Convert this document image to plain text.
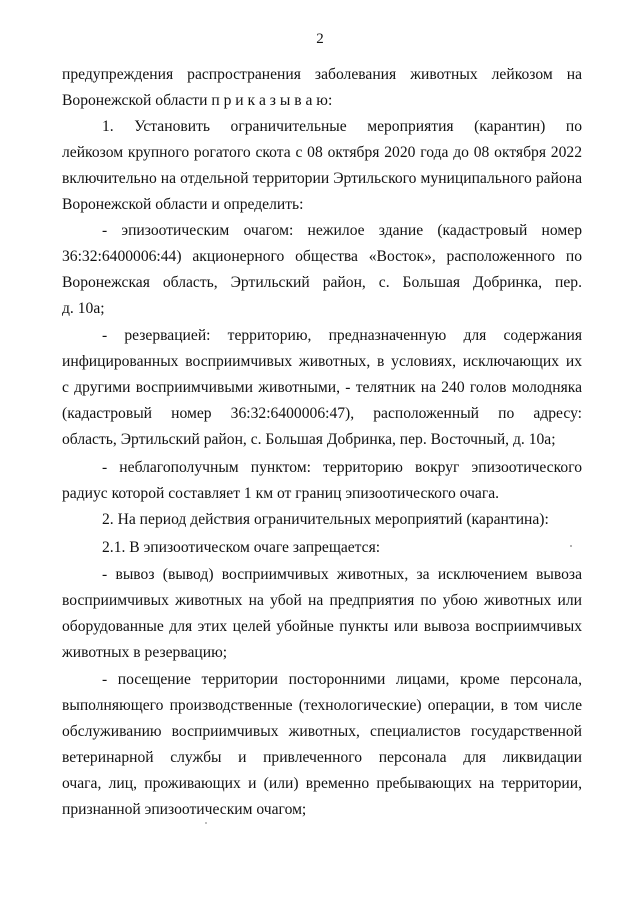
2
предупреждения распространения заболевания животных лейкозом на
Воронежской области п р и к а з ы в а ю:
1. Установить ограничительные мероприятия (карантин) по
лейкозом крупного рогатого скота с 08 октября 2020 года до 08 октября 2022
включительно на отдельной территории Эртильского муниципального района
Воронежской области и определить:
- эпизоотическим очагом: нежилое здание (кадастровый номер
36:32:6400006:44) акционерного общества «Восток», расположенного по
Воронежская область, Эртильский район, с. Большая Добринка, пер.
д. 10а;
- резервацией: территорию, предназначенную для содержания
инфицированных восприимчивых животных, в условиях, исключающих их
с другими восприимчивыми животными, - телятник на 240 голов молодняка
(кадастровый номер 36:32:6400006:47), расположенный по адресу:
область, Эртильский район, с. Большая Добринка, пер. Восточный, д. 10а;
- неблагополучным пунктом: территорию вокруг эпизоотического
радиус которой составляет 1 км от границ эпизоотического очага.
2. На период действия ограничительных мероприятий (карантина):
2.1. В эпизоотическом очаге запрещается:
- вывоз (вывод) восприимчивых животных, за исключением вывоза
восприимчивых животных на убой на предприятия по убою животных или
оборудованные для этих целей убойные пункты или вывоза восприимчивых
животных в резервацию;
- посещение территории посторонними лицами, кроме персонала,
выполняющего производственные (технологические) операции, в том числе
обслуживанию восприимчивых животных, специалистов государственной
ветеринарной службы и привлеченного персонала для ликвидации
очага, лиц, проживающих и (или) временно пребывающих на территории,
признанной эпизоотическим очагом;
